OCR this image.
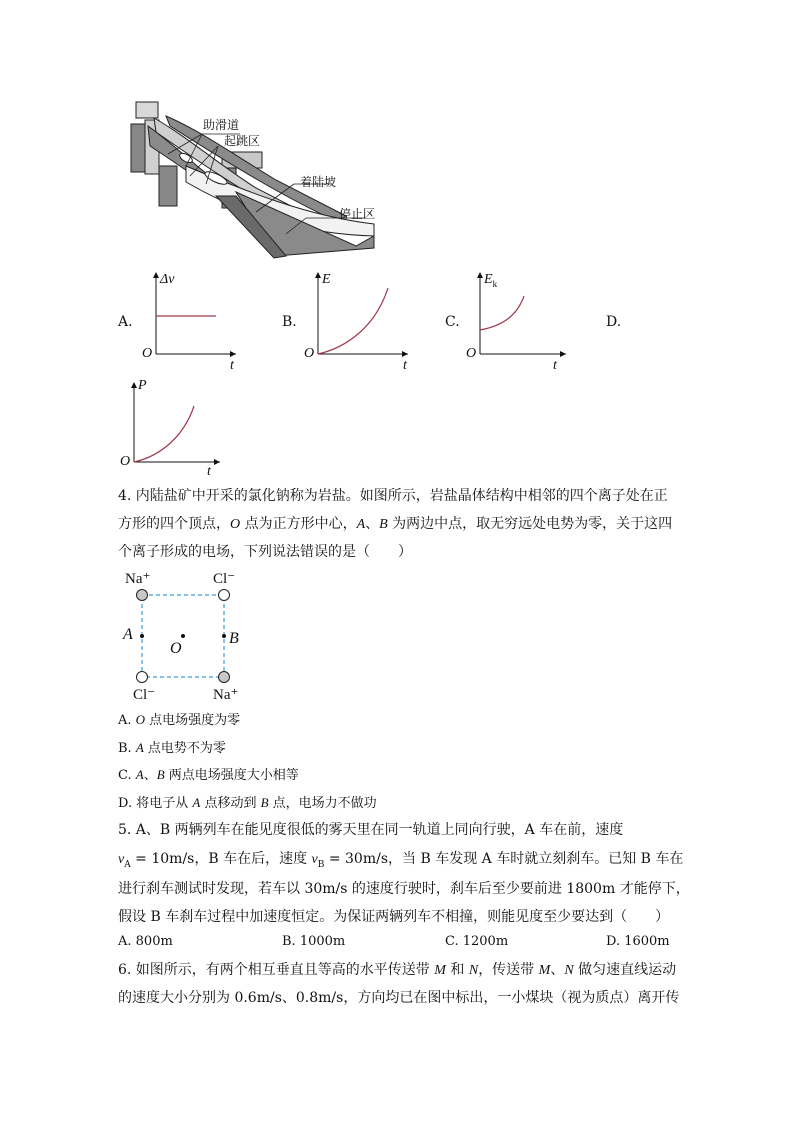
助滑道
起跳区
着陆坡
停止区
A.
Δv
O
t
B.
E
O
t
C.
$E_k$
O
t
D.
P
O
t
4. 内陆盐矿中开采的氯化钠称为岩盐。如图所示，岩盐晶体结构中相邻的四个离子处在正
方形的四个顶点，O 点为正方形中心，A、B 为两边中点，取无穷远处电势为零，关于这四
个离子形成的电场，下列说法错误的是（　　）
Na⁺	Cl⁻
Cl⁻	Na⁺
A	B
O
A. O 点电场强度为零
B. A 点电势不为零
C. A、B 两点电场强度大小相等
D. 将电子从 A 点移动到 B 点，电场力不做功
5. A、B 两辆列车在能见度很低的雾天里在同一轨道上同向行驶，A 车在前，速度
$v_A = 10m/s$，B 车在后，速度 $v_B = 30m/s$，当 B 车发现 A 车时就立刻刹车。已知 B 车在
进行刹车测试时发现，若车以 30m/s 的速度行驶时，刹车后至少要前进 1800m 才能停下，
假设 B 车刹车过程中加速度恒定。为保证两辆列车不相撞，则能见度至少要达到（　　）
A. 800m	B. 1000m	C. 1200m	D. 1600m
6. 如图所示，有两个相互垂直且等高的水平传送带 M 和 N，传送带 M、N 做匀速直线运动
的速度大小分别为 0.6m/s、0.8m/s，方向均已在图中标出，一小煤块（视为质点）离开传
